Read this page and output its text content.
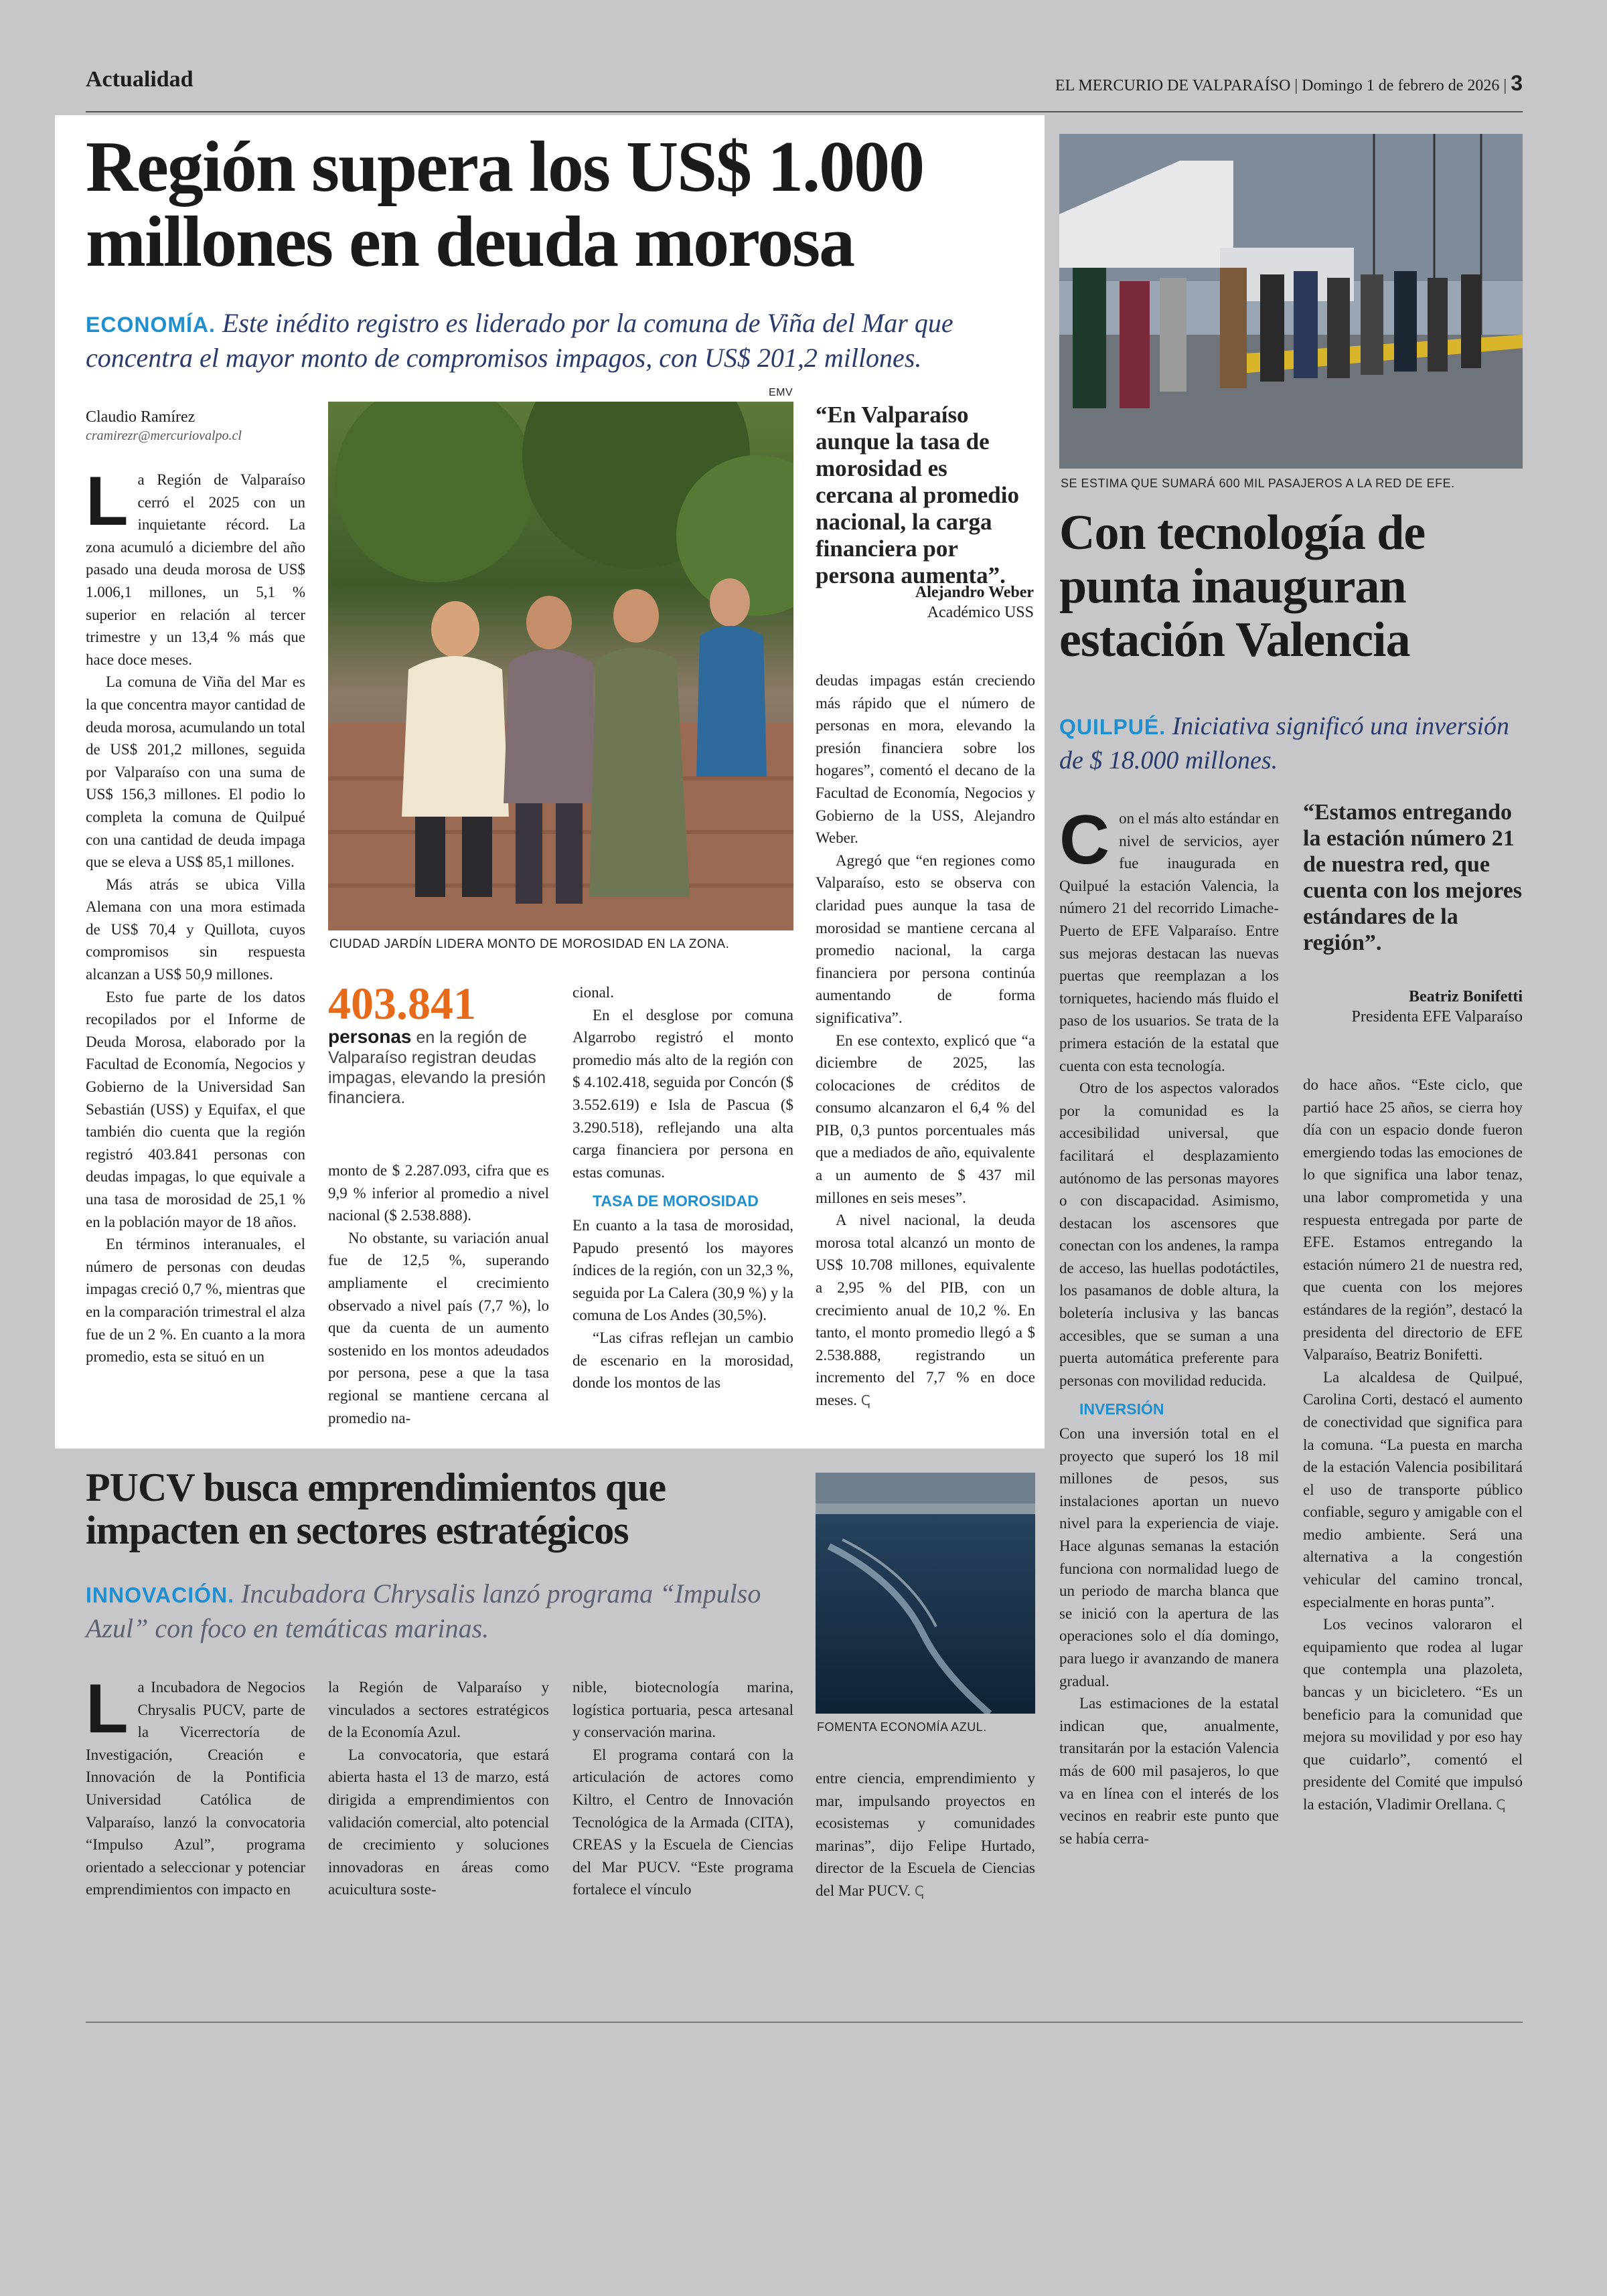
Actualidad	EL MERCURIO DE VALPARAÍSO | Domingo 1 de febrero de 2026 | 3
Región supera los US$ 1.000 millones en deuda morosa
ECONOMÍA. Este inédito registro es liderado por la comuna de Viña del Mar que concentra el mayor monto de compromisos impagos, con US$ 201,2 millones.
Claudio Ramírez
cramirezr@mercuriovalpo.cl

La Región de Valparaíso cerró el 2025 con un inquietante récord. La zona acumuló a diciembre del año pasado una deuda morosa de US$ 1.006,1 millones, un 5,1 % superior en relación al tercer trimestre y un 13,4 % más que hace doce meses.

La comuna de Viña del Mar es la que concentra mayor cantidad de deuda morosa, acumulando un total de US$ 201,2 millones, seguida por Valparaíso con una suma de US$ 156,3 millones. El podio lo completa la comuna de Quilpué con una cantidad de deuda impaga que se eleva a US$ 85,1 millones.

Más atrás se ubica Villa Alemana con una mora estimada de US$ 70,4 y Quillota, cuyos compromisos sin respuesta alcanzan a US$ 50,9 millones.

Esto fue parte de los datos recopilados por el Informe de Deuda Morosa, elaborado por la Facultad de Economía, Negocios y Gobierno de la Universidad San Sebastián (USS) y Equifax, el que también dio cuenta que la región registró 403.841 personas con deudas impagas, lo que equivale a una tasa de morosidad de 25,1 % en la población mayor de 18 años.

En términos interanuales, el número de personas con deudas impagas creció 0,7 %, mientras que en la comparación trimestral el alza fue de un 2 %. En cuanto a la mora promedio, esta se situó en un

EMV
CIUDAD JARDÍN LIDERA MONTO DE MOROSIDAD EN LA ZONA.
403.841
personas en la región de Valparaíso registran deudas impagas, elevando la presión financiera.

monto de $ 2.287.093, cifra que es 9,9 % inferior al promedio a nivel nacional ($ 2.538.888).

No obstante, su variación anual fue de 12,5 %, superando ampliamente el crecimiento observado a nivel país (7,7 %), lo que da cuenta de un aumento sostenido en los montos adeudados por persona, pese a que la tasa regional se mantiene cercana al promedio na-

cional.

En el desglose por comuna Algarrobo registró el monto promedio más alto de la región con $ 4.102.418, seguida por Concón ($ 3.552.619) e Isla de Pascua ($ 3.290.518), reflejando una alta carga financiera por persona en estas comunas.

TASA DE MOROSIDAD

En cuanto a la tasa de morosidad, Papudo presentó los mayores índices de la región, con un 32,3 %, seguida por La Calera (30,9 %) y la comuna de Los Andes (30,5%).

“Las cifras reflejan un cambio de escenario en la morosidad, donde los montos de las

“En Valparaíso aunque la tasa de morosidad es cercana al promedio nacional, la carga financiera por persona aumenta”.
Alejandro Weber
Académico USS

deudas impagas están creciendo más rápido que el número de personas en mora, elevando la presión financiera sobre los hogares”, comentó el decano de la Facultad de Economía, Negocios y Gobierno de la USS, Alejandro Weber.

Agregó que “en regiones como Valparaíso, esto se observa con claridad pues aunque la tasa de morosidad se mantiene cercana al promedio nacional, la carga financiera por persona continúa aumentando de forma significativa”.

En ese contexto, explicó que “a diciembre de 2025, las colocaciones de créditos de consumo alcanzaron el 6,4 % del PIB, 0,3 puntos porcentuales más que a mediados de año, equivalente a un aumento de $ 437 mil millones en seis meses”.

A nivel nacional, la deuda morosa total alcanzó un monto de US$ 10.708 millones, equivalente a 2,95 % del PIB, con un crecimiento anual de 10,2 %. En tanto, el monto promedio llegó a $ 2.538.888, registrando un incremento del 7,7 % en doce meses. ↅ

SE ESTIMA QUE SUMARÁ 600 MIL PASAJEROS A LA RED DE EFE.
Con tecnología de punta inauguran estación Valencia
QUILPUÉ. Iniciativa significó una inversión de $ 18.000 millones.

Con el más alto estándar en nivel de servicios, ayer fue inaugurada en Quilpué la estación Valencia, la número 21 del recorrido Limache-Puerto de EFE Valparaíso. Entre sus mejoras destacan las nuevas puertas que reemplazan a los torniquetes, haciendo más fluido el paso de los usuarios. Se trata de la primera estación de la estatal que cuenta con esta tecnología.

Otro de los aspectos valorados por la comunidad es la accesibilidad universal, que facilitará el desplazamiento autónomo de las personas mayores o con discapacidad. Asimismo, destacan los ascensores que conectan con los andenes, la rampa de acceso, las huellas podotáctiles, los pasamanos de doble altura, la boletería inclusiva y las bancas accesibles, que se suman a una puerta automática preferente para personas con movilidad reducida.

INVERSIÓN

Con una inversión total en el proyecto que superó los 18 mil millones de pesos, sus instalaciones aportan un nuevo nivel para la experiencia de viaje. Hace algunas semanas la estación funciona con normalidad luego de un periodo de marcha blanca que se inició con la apertura de las operaciones solo el día domingo, para luego ir avanzando de manera gradual.

Las estimaciones de la estatal indican que, anualmente, transitarán por la estación Valencia más de 600 mil pasajeros, lo que va en línea con el interés de los vecinos en reabrir este punto que se había cerra-

“Estamos entregando la estación número 21 de nuestra red, que cuenta con los mejores estándares de la región”.
Beatriz Bonifetti
Presidenta EFE Valparaíso

do hace años. “Este ciclo, que partió hace 25 años, se cierra hoy día con un espacio donde fueron emergiendo todas las emociones de lo que significa una labor tenaz, una labor comprometida y una respuesta entregada por parte de EFE. Estamos entregando la estación número 21 de nuestra red, que cuenta con los mejores estándares de la región”, destacó la presidenta del directorio de EFE Valparaíso, Beatriz Bonifetti.

La alcaldesa de Quilpué, Carolina Corti, destacó el aumento de conectividad que significa para la comuna. “La puesta en marcha de la estación Valencia posibilitará el uso de transporte público confiable, seguro y amigable con el medio ambiente. Será una alternativa a la congestión vehicular del camino troncal, especialmente en horas punta”.

Los vecinos valoraron el equipamiento que rodea al lugar que contempla una plazoleta, bancas y un bicicletero. “Es un beneficio para la comunidad que mejora su movilidad y por eso hay que cuidarlo”, comentó el presidente del Comité que impulsó la estación, Vladimir Orellana. ↅ

PUCV busca emprendimientos que impacten en sectores estratégicos
INNOVACIÓN. Incubadora Chrysalis lanzó programa “Impulso Azul” con foco en temáticas marinas.
FOMENTA ECONOMÍA AZUL.

La Incubadora de Negocios Chrysalis PUCV, parte de la Vicerrectoría de Investigación, Creación e Innovación de la Pontificia Universidad Católica de Valparaíso, lanzó la convocatoria “Impulso Azul”, programa orientado a seleccionar y potenciar emprendimientos con impacto en

la Región de Valparaíso y vinculados a sectores estratégicos de la Economía Azul.

La convocatoria, que estará abierta hasta el 13 de marzo, está dirigida a emprendimientos con validación comercial, alto potencial de crecimiento y soluciones innovadoras en áreas como acuicultura soste-

nible, biotecnología marina, logística portuaria, pesca artesanal y conservación marina.

El programa contará con la articulación de actores como Kiltro, el Centro de Innovación Tecnológica de la Armada (CITA), CREAS y la Escuela de Ciencias del Mar PUCV. “Este programa fortalece el vínculo

entre ciencia, emprendimiento y mar, impulsando proyectos en ecosistemas y comunidades marinas”, dijo Felipe Hurtado, director de la Escuela de Ciencias del Mar PUCV. ↅ
